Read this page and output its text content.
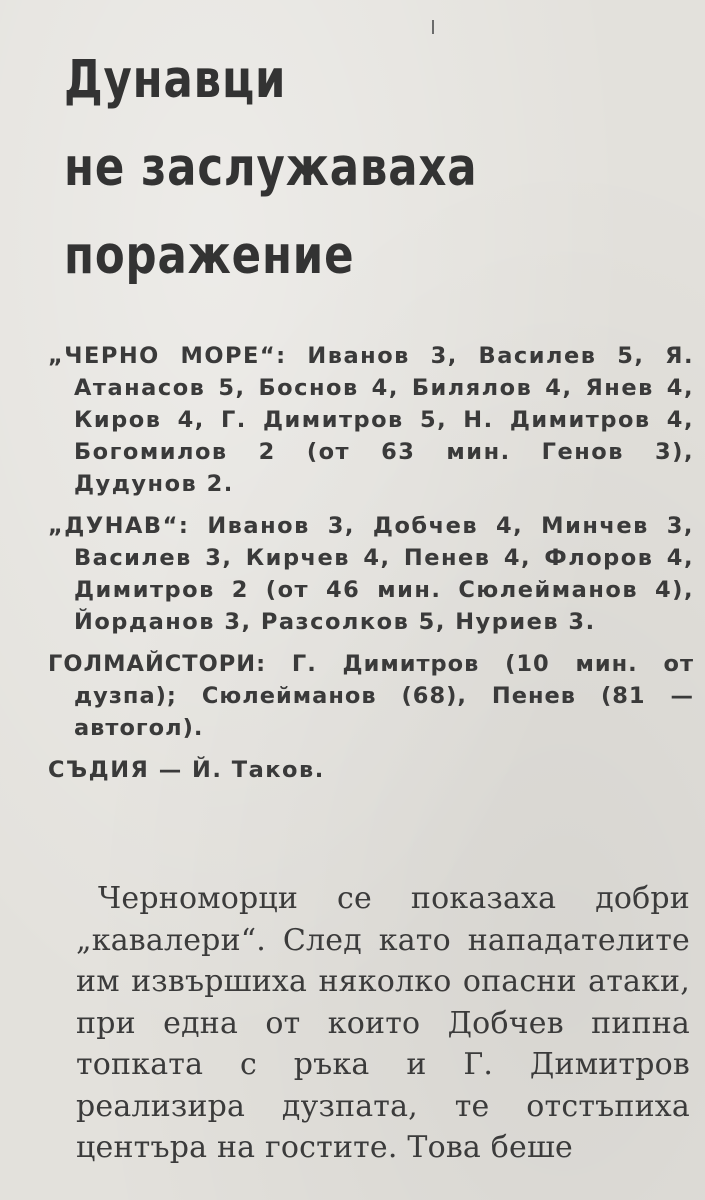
Дунавци
не заслужаваха
поражение

„ЧЕРНО МОРЕ“: Иванов 3, Василев 5, Я. Атанасов 5, Боснов 4, Билялов 4, Янев 4, Киров 4, Г. Димитров 5, Н. Димитров 4, Богомилов 2 (от 63 мин. Генов 3), Дудунов 2.

„ДУНАВ“: Иванов 3, Добчев 4, Минчев 3, Василев 3, Кирчев 4, Пенев 4, Флоров 4, Димитров 2 (от 46 мин. Сюлейманов 4), Йорданов 3, Разсолков 5, Нуриев 3.

ГОЛМАЙСТОРИ: Г. Димитров (10 мин. от дузпа); Сюлейманов (68), Пенев (81 — автогол).

СЪДИЯ — Й. Таков.

Черноморци се показаха добри „кавалери“. След като нападателите им извършиха няколко опасни атаки, при една от които Добчев пипна топката с ръка и Г. Димитров реализира дузпата, те отстъпиха центъра на гостите. Това беше
